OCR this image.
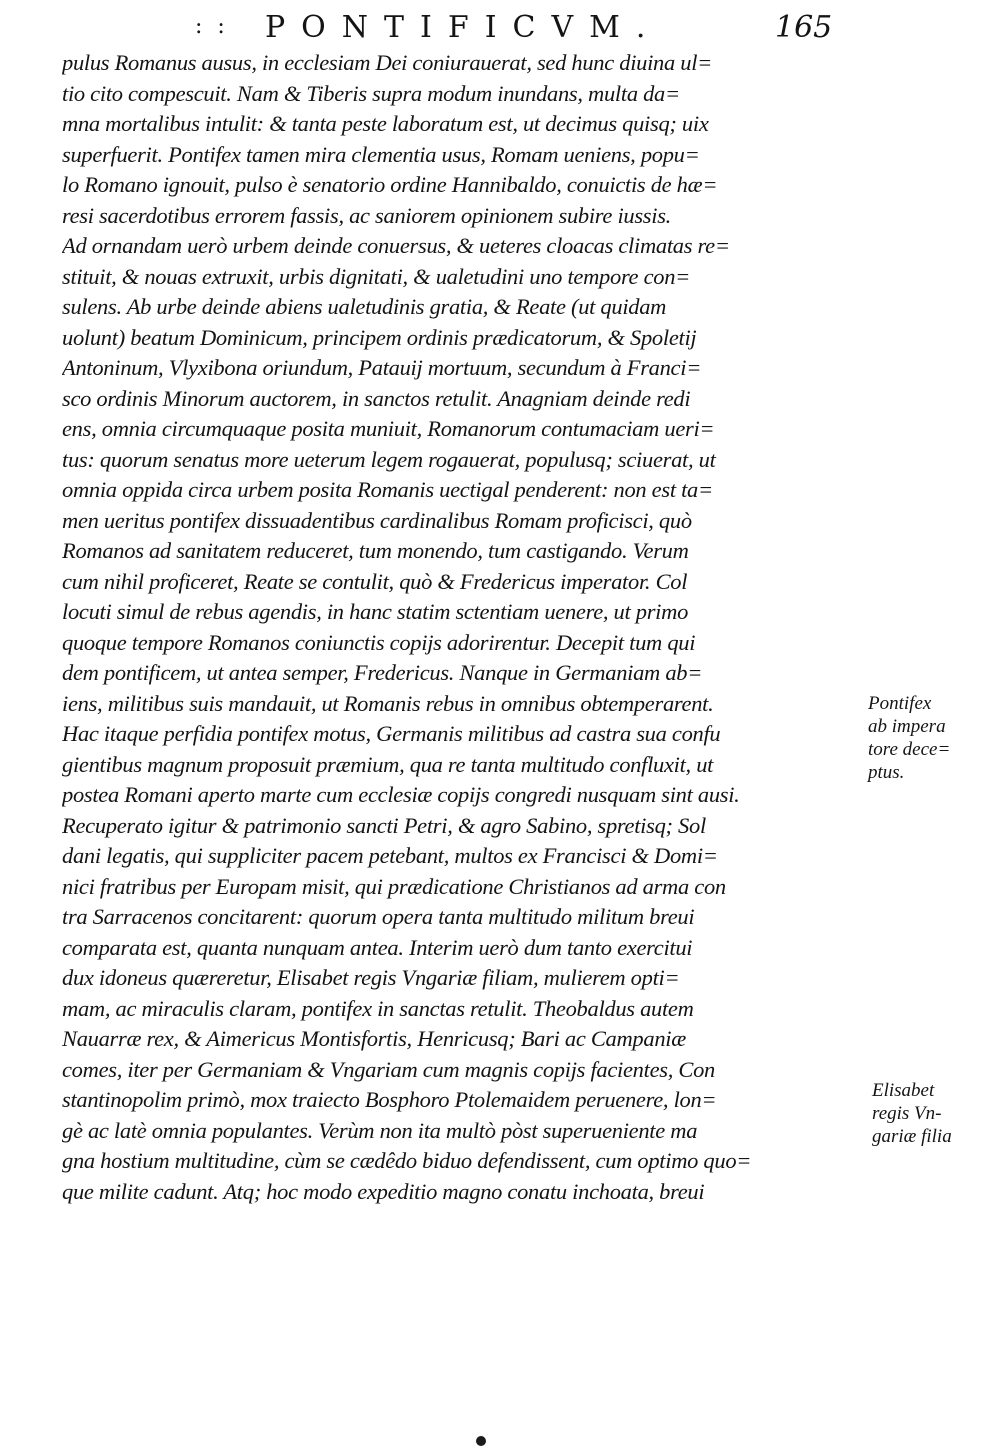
: : PONTIFICVM.	165
pulus Romanus ausus, in ecclesiam Dei coniurauerat, sed hunc diuina ul=
tio cito compescuit. Nam & Tiberis supra modum inundans, multa da=
mna mortalibus intulit: & tanta peste laboratum est, ut decimus quisq; uix
superfuerit. Pontifex tamen mira clementia usus, Romam ueniens, popu=
lo Romano ignouit, pulso è senatorio ordine Hannibaldo, conuictis de hæ=
resi sacerdotibus errorem fassis, ac saniorem opinionem subire iussis.
Ad ornandam uerò urbem deinde conuersus, & ueteres cloacas climatas re=
stituit, & nouas extruxit, urbis dignitati, & ualetudini uno tempore con=
sulens. Ab urbe deinde abiens ualetudinis gratia, & Reate (ut quidam
uolunt) beatum Dominicum, principem ordinis prædicatorum, & Spoletij
Antoninum, Vlyxibona oriundum, Patauij mortuum, secundum à Franci=
sco ordinis Minorum auctorem, in sanctos retulit. Anagniam deinde redi
ens, omnia circumquaque posita muniuit, Romanorum contumaciam ueri=
tus: quorum senatus more ueterum legem rogauerat, populusq; sciuerat, ut
omnia oppida circa urbem posita Romanis uectigal penderent: non est ta=
men ueritus pontifex dissuadentibus cardinalibus Romam proficisci, quò
Romanos ad sanitatem reduceret, tum monendo, tum castigando. Verum
cum nihil proficeret, Reate se contulit, quò & Fredericus imperator. Col
locuti simul de rebus agendis, in hanc statim sctentiam uenere, ut primo
quoque tempore Romanos coniunctis copijs adorirentur. Decepit tum qui
dem pontificem, ut antea semper, Fredericus. Nanque in Germaniam ab=
iens, militibus suis mandauit, ut Romanis rebus in omnibus obtemperarent.
Hac itaque perfidia pontifex motus, Germanis militibus ad castra sua confu
gientibus magnum proposuit præmium, qua re tanta multitudo confluxit, ut
postea Romani aperto marte cum ecclesiæ copijs congredi nusquam sint ausi.
Recuperato igitur & patrimonio sancti Petri, & agro Sabino, spretisq; Sol
dani legatis, qui suppliciter pacem petebant, multos ex Francisci & Domi=
nici fratribus per Europam misit, qui prædicatione Christianos ad arma con
tra Sarracenos concitarent: quorum opera tanta multitudo militum breui
comparata est, quanta nunquam antea. Interim uerò dum tanto exercitui
dux idoneus quæreretur, Elisabet regis Vngariæ filiam, mulierem opti=
mam, ac miraculis claram, pontifex in sanctas retulit. Theobaldus autem
Nauarræ rex, & Aimericus Montisfortis, Henricusq; Bari ac Campaniæ
comes, iter per Germaniam & Vngariam cum magnis copijs facientes, Con
stantinopolim primò, mox traiecto Bosphoro Ptolemaidem peruenere, lon=
gè ac latè omnia populantes. Verùm non ita multò pòst superueniente ma
gna hostium multitudine, cùm se cædêdo biduo defendissent, cum optimo quo=
que milite cadunt. Atq; hoc modo expeditio magno conatu inchoata, breui
Pontifex
ab impera
tore dece=
ptus.
Elisabet
regis Vn-
gariæ filia
